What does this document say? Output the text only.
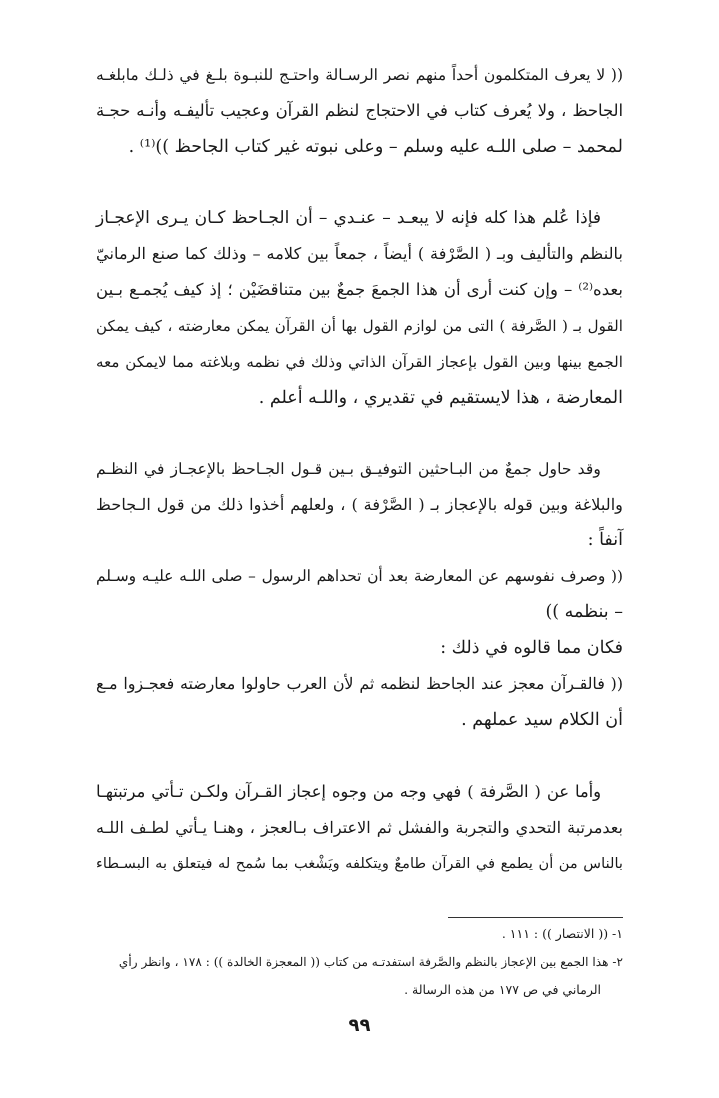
(( لا يعرف المتكلمون أحداً منهم نصر الرسـالة واحتـج للنبـوة بلـغ في ذلـك مابلغـه
الجاحظ ، ولا يُعرف كتاب في الاحتجاج لنظم القرآن وعجيب تأليفـه وأنـه حجـة
لمحمد – صلى اللـه عليه وسلم – وعلى نبوته غير كتاب الجاحظ ))⁽¹⁾ .
فإذا عُلم هذا كله فإنه لا يبعـد – عنـدي – أن الجـاحظ كـان يـرى الإعجـاز
بالنظم والتأليف وبـ ( الصَّرْفة ) أيضاً ، جمعاً بين كلامه – وذلك كما صنع الرمانيّ
بعده⁽²⁾ – وإن كنت أرى أن هذا الجمعَ جمعٌ بين متناقضَيْن ؛ إذ كيف يُجمـع بـين
القول بـ ( الصَّرفة ) التى من لوازم القول بها أن القرآن يمكن معارضته ، كيف يمكن
الجمع بينها وبين القول بإعجاز القرآن الذاتي وذلك في نظمه وبلاغته مما لايمكن معه
المعارضة ، هذا لايستقيم في تقديري ، واللـه أعلم .
وقد حاول جمعٌ من البـاحثين التوفيـق بـين قـول الجـاحظ بالإعجـاز في النظـم
والبلاغة وبين قوله بالإعجاز بـ ( الصَّرْفة ) ، ولعلهم أخذوا ذلك من قول الـجاحظ
آنفاً :
(( وصرف نفوسهم عن المعارضة بعد أن تحداهم الرسول – صلى اللـه عليـه وسـلم
– بنظمه ))
فكان مما قالوه في ذلك :
(( فالقـرآن معجز عند الجاحظ لنظمه ثم لأن العرب حاولوا معارضته فعجـزوا مـع
أن الكلام سيد عملهم .
وأما عن ( الصَّرفة ) فهي وجه من وجوه إعجاز القـرآن ولكـن تـأتي مرتبتهـا
بعدمرتبة التحدي والتجربة والفشل ثم الاعتراف بـالعجز ، وهنـا يـأتي لطـف اللـه
بالناس من أن يطمع في القرآن طامعٌ ويتكلفه ويَشْغب بما سُمح له فيتعلق به البسـطاء
١- (( الانتصار )) : ١١١ .
٢- هذا الجمع بين الإعجاز بالنظم والصَّرفة استفدتـه من كتاب (( المعجزة الخالدة )) : ١٧٨ ، وانظر رأي
الرماني في ص ١٧٧ من هذه الرسالة .
٩٩
